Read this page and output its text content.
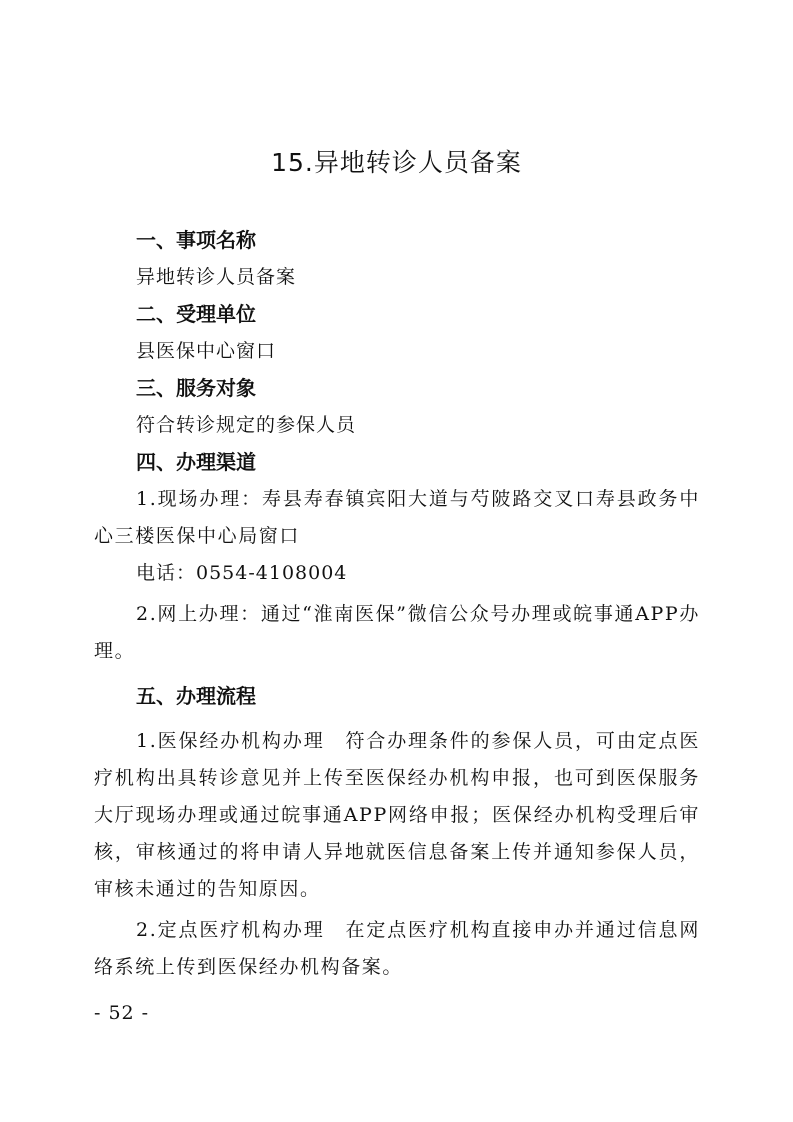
15.异地转诊人员备案
一、事项名称

异地转诊人员备案

二、受理单位

县医保中心窗口

三、服务对象

符合转诊规定的参保人员

四、办理渠道

1.现场办理：寿县寿春镇宾阳大道与芍陂路交叉口寿县政务中心三楼医保中心局窗口

电话：0554-4108004

2.网上办理：通过“淮南医保”微信公众号办理或皖事通APP办理。

五、办理流程

1.医保经办机构办理　符合办理条件的参保人员，可由定点医疗机构出具转诊意见并上传至医保经办机构申报，也可到医保服务大厅现场办理或通过皖事通APP网络申报；医保经办机构受理后审核，审核通过的将申请人异地就医信息备案上传并通知参保人员，审核未通过的告知原因。

2.定点医疗机构办理　在定点医疗机构直接申办并通过信息网络系统上传到医保经办机构备案。

- 52 -
